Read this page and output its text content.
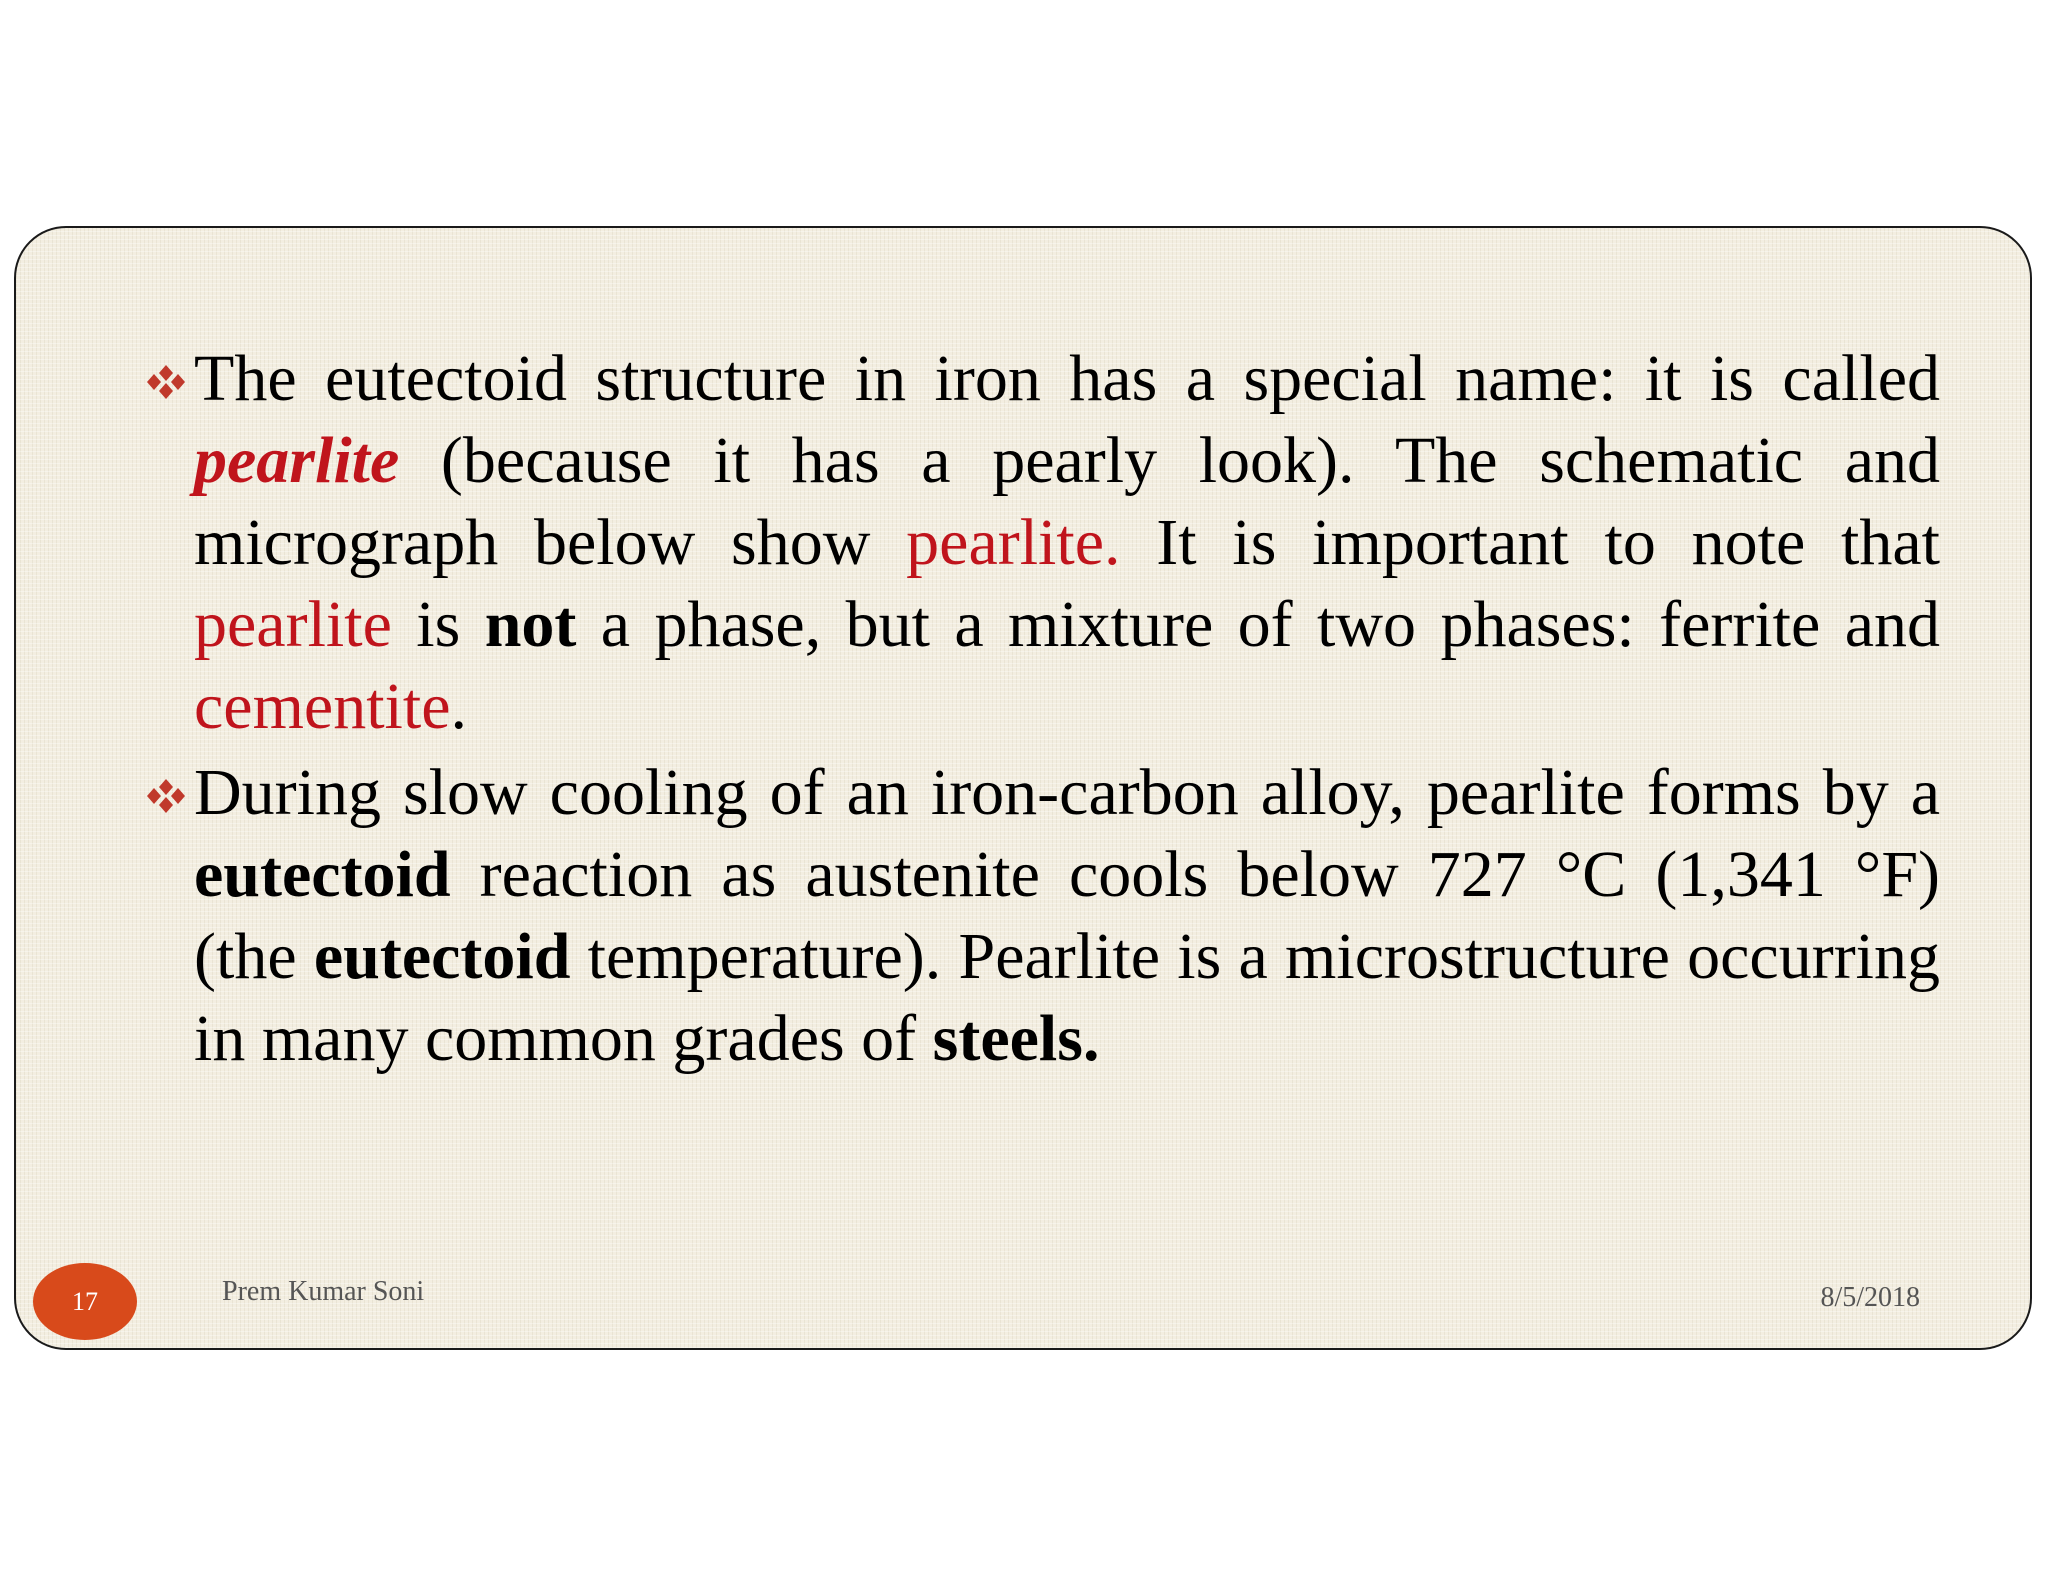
The eutectoid structure in iron has a special name: it is called pearlite (because it has a pearly look). The schematic and micrograph below show pearlite. It is important to note that pearlite is not a phase, but a mixture of two phases: ferrite and cementite.

During slow cooling of an iron-carbon alloy, pearlite forms by a eutectoid reaction as austenite cools below 727 °C (1,341 °F) (the eutectoid temperature). Pearlite is a microstructure occurring in many common grades of steels.

17	Prem Kumar Soni	8/5/2018
